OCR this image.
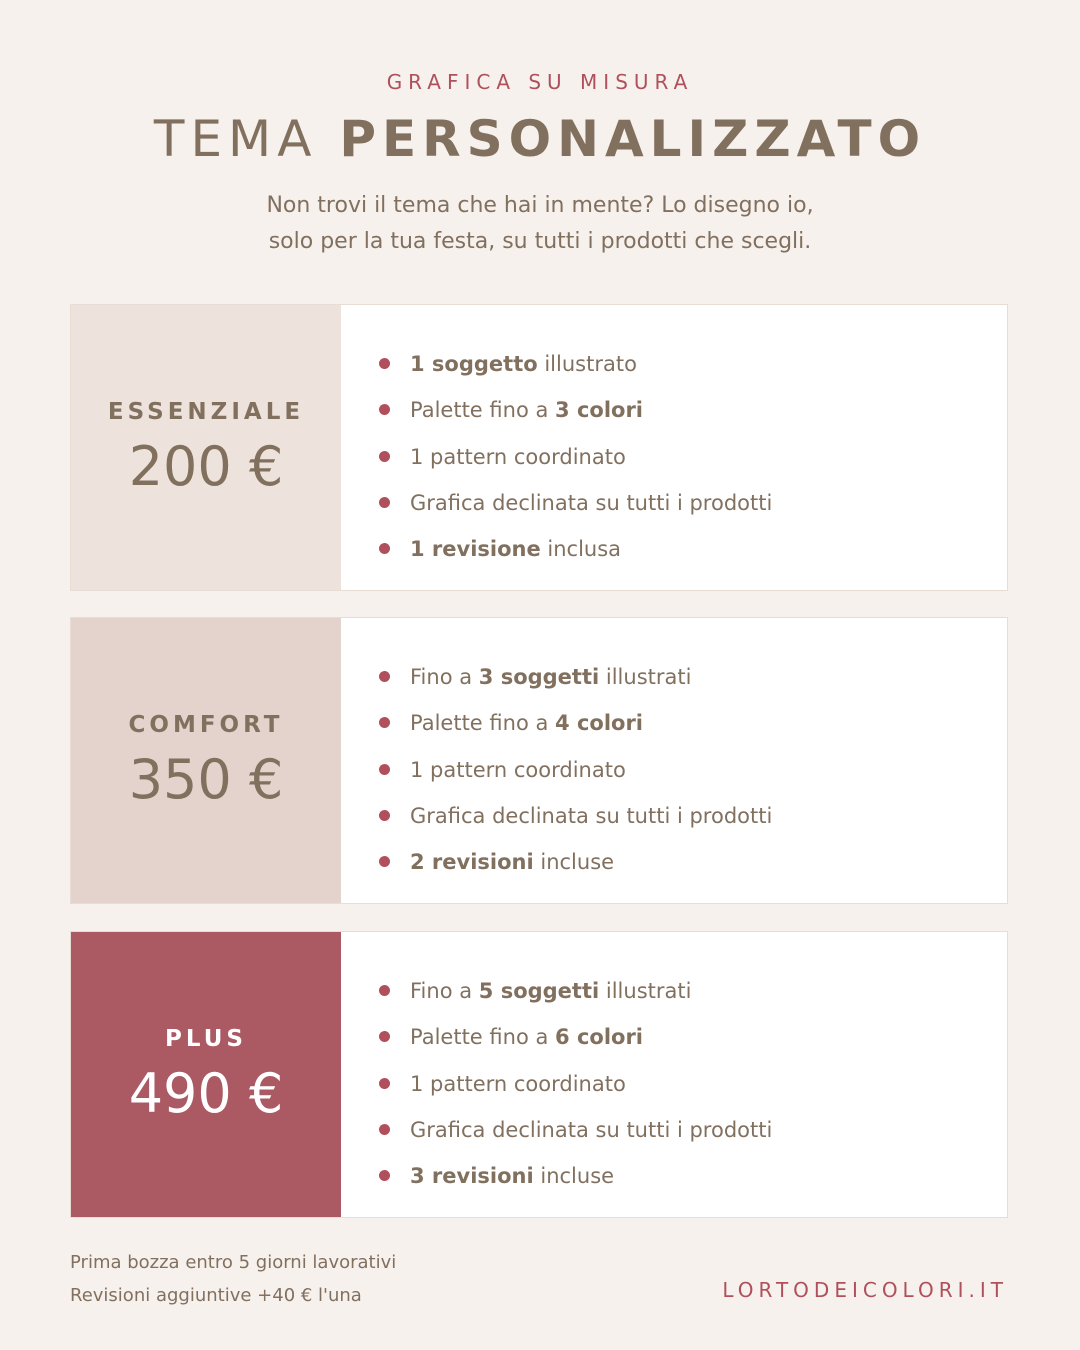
GRAFICA SU MISURA
TEMA PERSONALIZZATO
Non trovi il tema che hai in mente? Lo disegno io,
solo per la tua festa, su tutti i prodotti che scegli.
ESSENZIALE
200 €
1 soggetto illustrato
Palette fino a 3 colori
1 pattern coordinato
Grafica declinata su tutti i prodotti
1 revisione inclusa
COMFORT
350 €
Fino a 3 soggetti illustrati
Palette fino a 4 colori
1 pattern coordinato
Grafica declinata su tutti i prodotti
2 revisioni incluse
PLUS
490 €
Fino a 5 soggetti illustrati
Palette fino a 6 colori
1 pattern coordinato
Grafica declinata su tutti i prodotti
3 revisioni incluse
Prima bozza entro 5 giorni lavorativi
Revisioni aggiuntive +40 € l'una	LORTODEICOLORI.IT
